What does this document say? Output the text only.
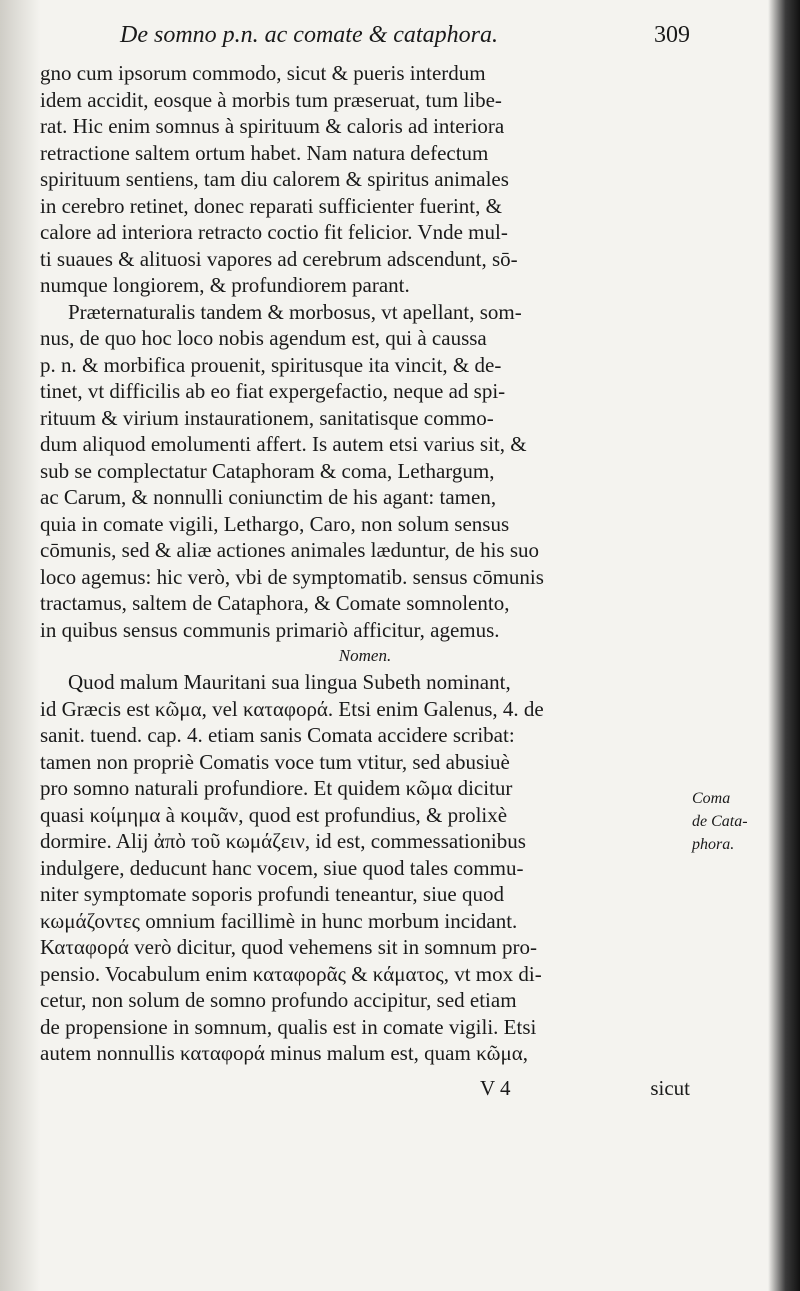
De somno p.n. ac comate & cataphora.	309
gno cum ipsorum commodo, sicut & pueris interdum
idem accidit, eosque à morbis tum præseruat, tum libe-
rat. Hic enim somnus à spirituum & caloris ad interiora
retractione saltem ortum habet. Nam natura defectum
spirituum sentiens, tam diu calorem & spiritus animales
in cerebro retinet, donec reparati sufficienter fuerint, &
calore ad interiora retracto coctio fit felicior. Vnde mul-
ti suaues & alituosi vapores ad cerebrum adscendunt, sō-
numque longiorem, & profundiorem parant.
Præternaturalis tandem & morbosus, vt apellant, som-
nus, de quo hoc loco nobis agendum est, qui à caussa
p. n. & morbifica prouenit, spiritusque ita vincit, & de-
tinet, vt difficilis ab eo fiat expergefactio, neque ad spi-
rituum & virium instaurationem, sanitatisque commo-
dum aliquod emolumenti affert. Is autem etsi varius sit, &
sub se complectatur Cataphoram & coma, Lethargum,
ac Carum, & nonnulli coniunctim de his agant: tamen,
quia in comate vigili, Lethargo, Caro, non solum sensus
cōmunis, sed & aliæ actiones animales læduntur, de his suo
loco agemus: hic verò, vbi de symptomatib. sensus cōmunis
tractamus, saltem de Cataphora, & Comate somnolento,
in quibus sensus communis primariò afficitur, agemus.
Nomen.
Quod malum Mauritani sua lingua Subeth nominant,
id Græcis est κῶμα, vel καταφορά. Etsi enim Galenus, 4. de
sanit. tuend. cap. 4. etiam sanis Comata accidere scribat:
tamen non propriè Comatis voce tum vtitur, sed abusiuè
pro somno naturali profundiore. Et quidem κῶμα dicitur
quasi κοίμημα à κοιμᾶν, quod est profundius, & prolixè
dormire. Alij ἀπὸ τοῦ κωμάζειν, id est, commessationibus
indulgere, deducunt hanc vocem, siue quod tales commu-
niter symptomate soporis profundi teneantur, siue quod
κωμάζοντες omnium facillimè in hunc morbum incidant.
Καταφορά verò dicitur, quod vehemens sit in somnum pro-
pensio. Vocabulum enim καταφορᾶς & κάματος, vt mox di-
cetur, non solum de somno profundo accipitur, sed etiam
de propensione in somnum, qualis est in comate vigili. Etsi
autem nonnullis καταφορά minus malum est, quam κῶμα,
V 4	sicut
Coma
de Cata-
phora.
